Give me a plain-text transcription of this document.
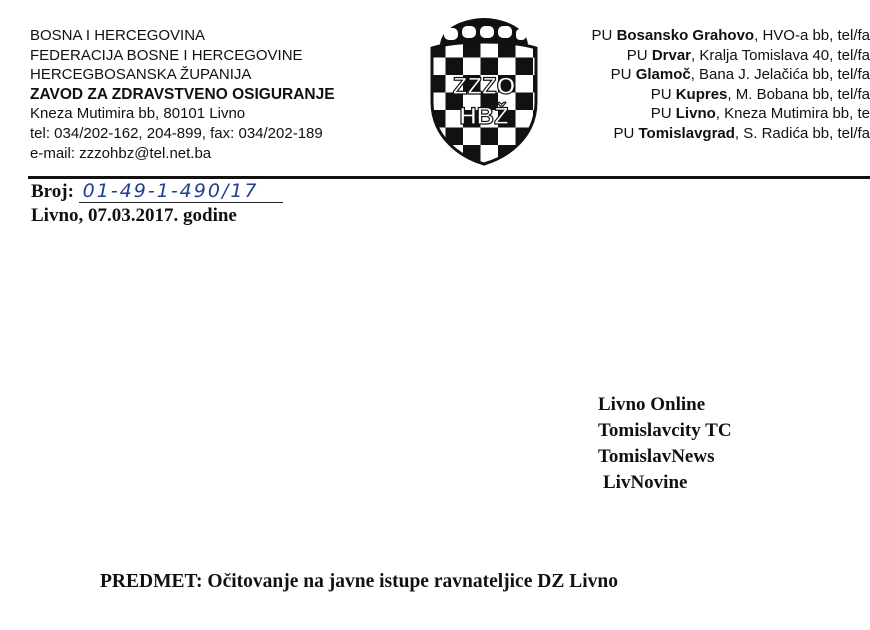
BOSNA I HERCEGOVINA
FEDERACIJA BOSNE I HERCEGOVINE
HERCEGBOSANSKA ŽUPANIJA
ZAVOD ZA ZDRAVSTVENO OSIGURANJE
Kneza Mutimira bb, 80101 Livno
tel: 034/202-162, 204-899, fax: 034/202-189
e-mail: zzzohbz@tel.net.ba
ZZZO
HBŽ
PU Bosansko Grahovo, HVO-a bb, tel/fa
PU Drvar, Kralja Tomislava 40, tel/fa
PU Glamoč, Bana J. Jelačića bb, tel/fa
PU Kupres, M. Bobana bb, tel/fa
PU Livno, Kneza Mutimira bb, te
PU Tomislavgrad, S. Radića bb, tel/fa
Broj: 01-49-1-490/17
Livno, 07.03.2017. godine
Livno Online
Tomislavcity TC
TomislavNews
LivNovine
PREDMET: Očitovanje na javne istupe ravnateljice DZ Livno
